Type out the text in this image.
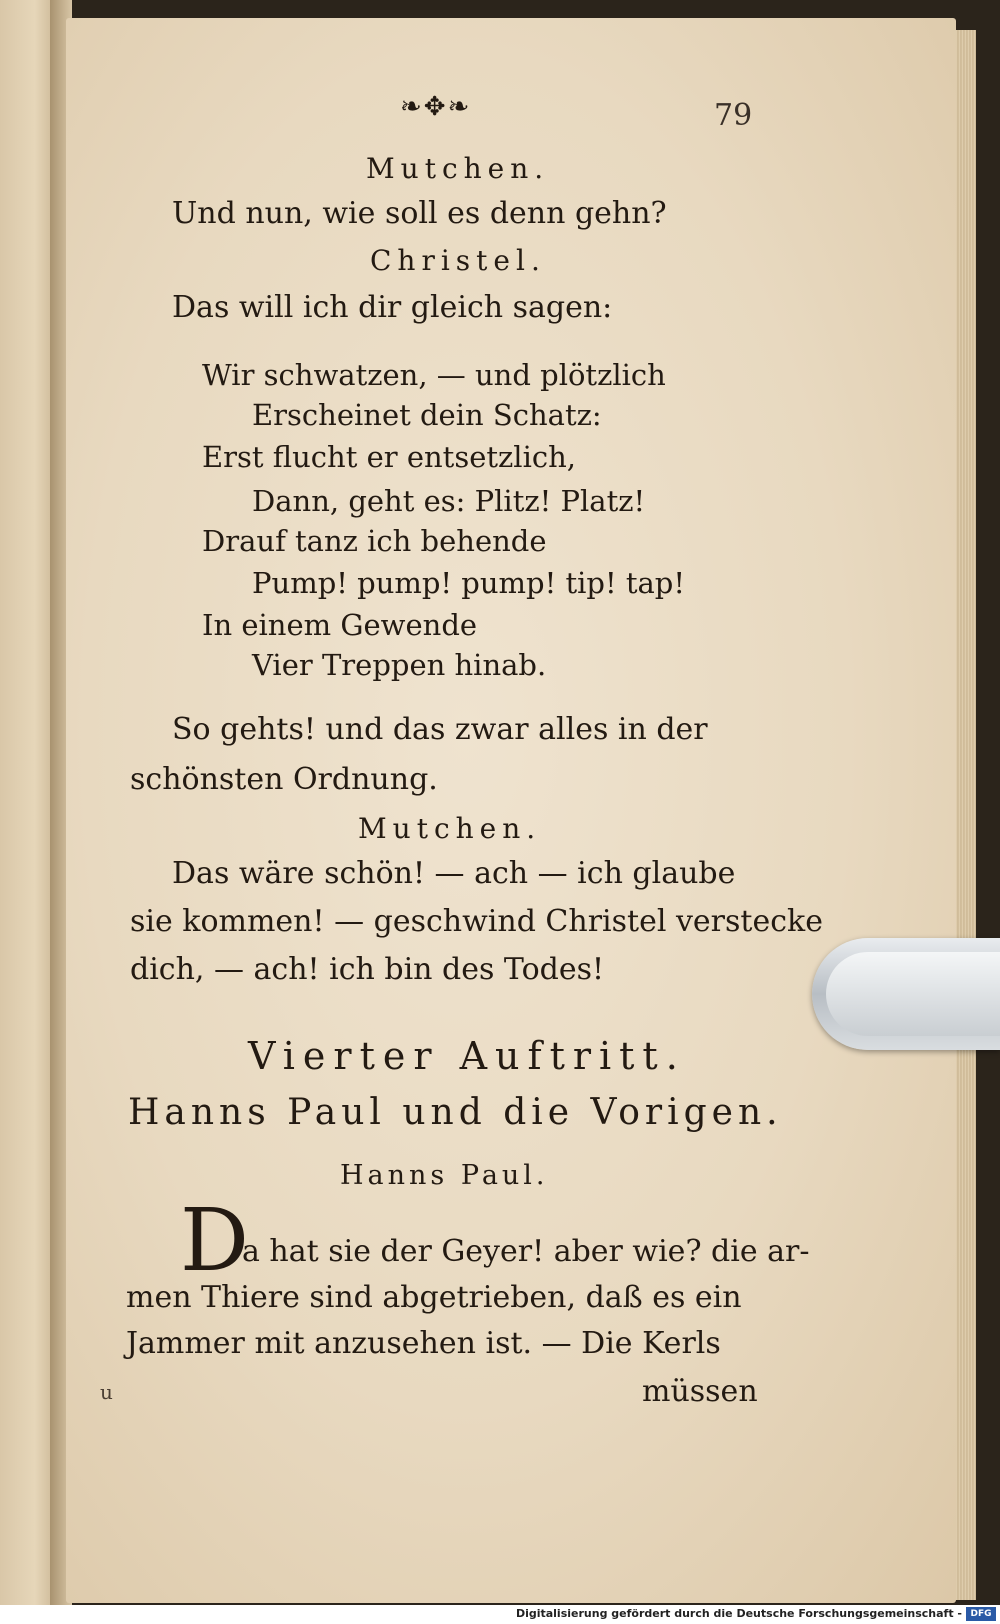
❧✥❧	79
Mutchen.
Und nun, wie soll es denn gehn?
Christel.
Das will ich dir gleich sagen:
Wir schwatzen, — und plötzlich
Erscheinet dein Schatz:
Erst flucht er entsetzlich,
Dann, geht es: Plitz! Platz!
Drauf tanz ich behende
Pump! pump! pump! tip! tap!
In einem Gewende
Vier Treppen hinab.
So gehts! und das zwar alles in der
schönsten Ordnung.
Mutchen.
Das wäre schön! — ach — ich glaube
sie kommen! — geschwind Christel verstecke
dich, — ach! ich bin des Todes!
Vierter Auftritt.
Hanns Paul und die Vorigen.
Hanns Paul.
D
a hat sie der Geyer! aber wie? die ar-
men Thiere sind abgetrieben, daß es ein
Jammer mit anzusehen ist. — Die Kerls
müssen
u
Digitalisierung gefördert durch die Deutsche Forschungsgemeinschaft - DFG
